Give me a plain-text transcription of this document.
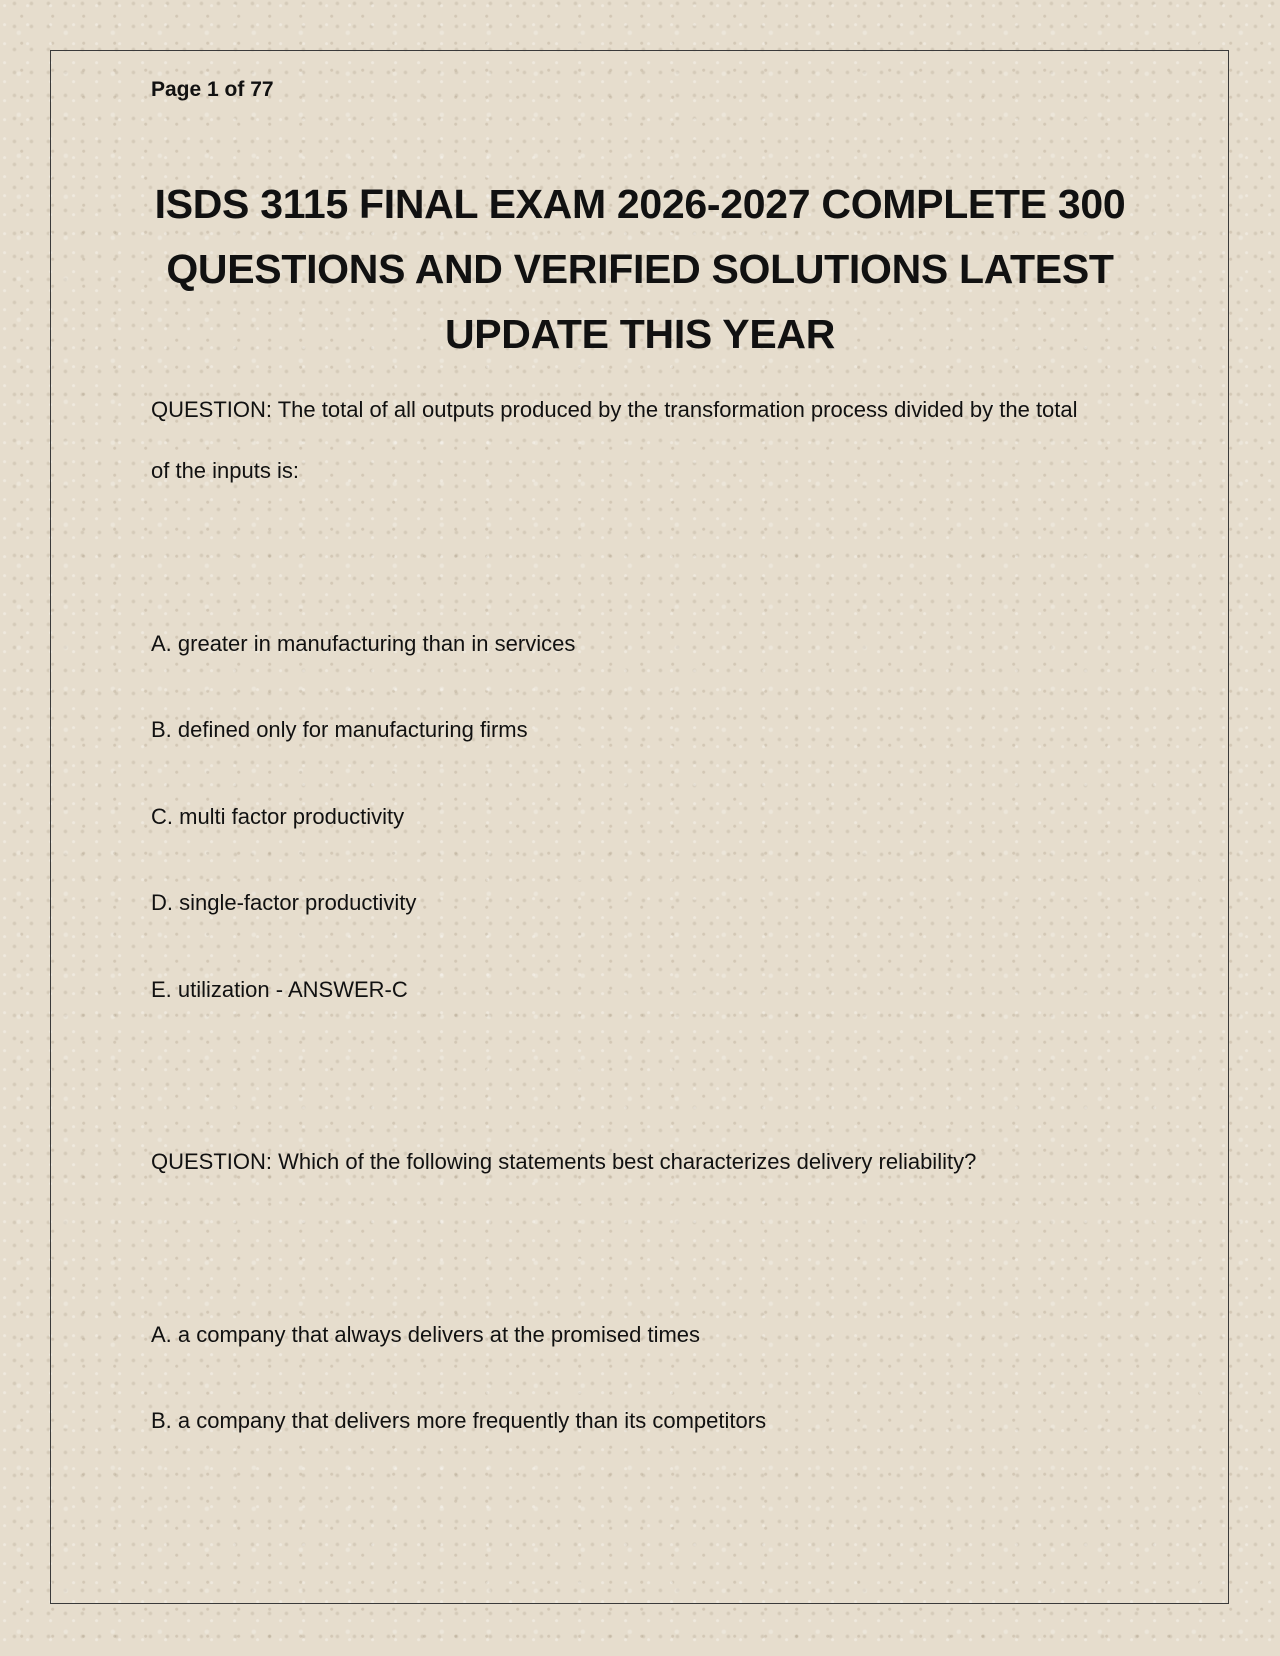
Page 1 of 77
ISDS 3115 FINAL EXAM 2026-2027 COMPLETE 300 QUESTIONS AND VERIFIED SOLUTIONS LATEST UPDATE THIS YEAR
QUESTION: The total of all outputs produced by the transformation process divided by the total
of the inputs is:
A. greater in manufacturing than in services
B. defined only for manufacturing firms
C. multi factor productivity
D. single-factor productivity
E. utilization - ANSWER-C
QUESTION: Which of the following statements best characterizes delivery reliability?
A. a company that always delivers at the promised times
B. a company that delivers more frequently than its competitors
